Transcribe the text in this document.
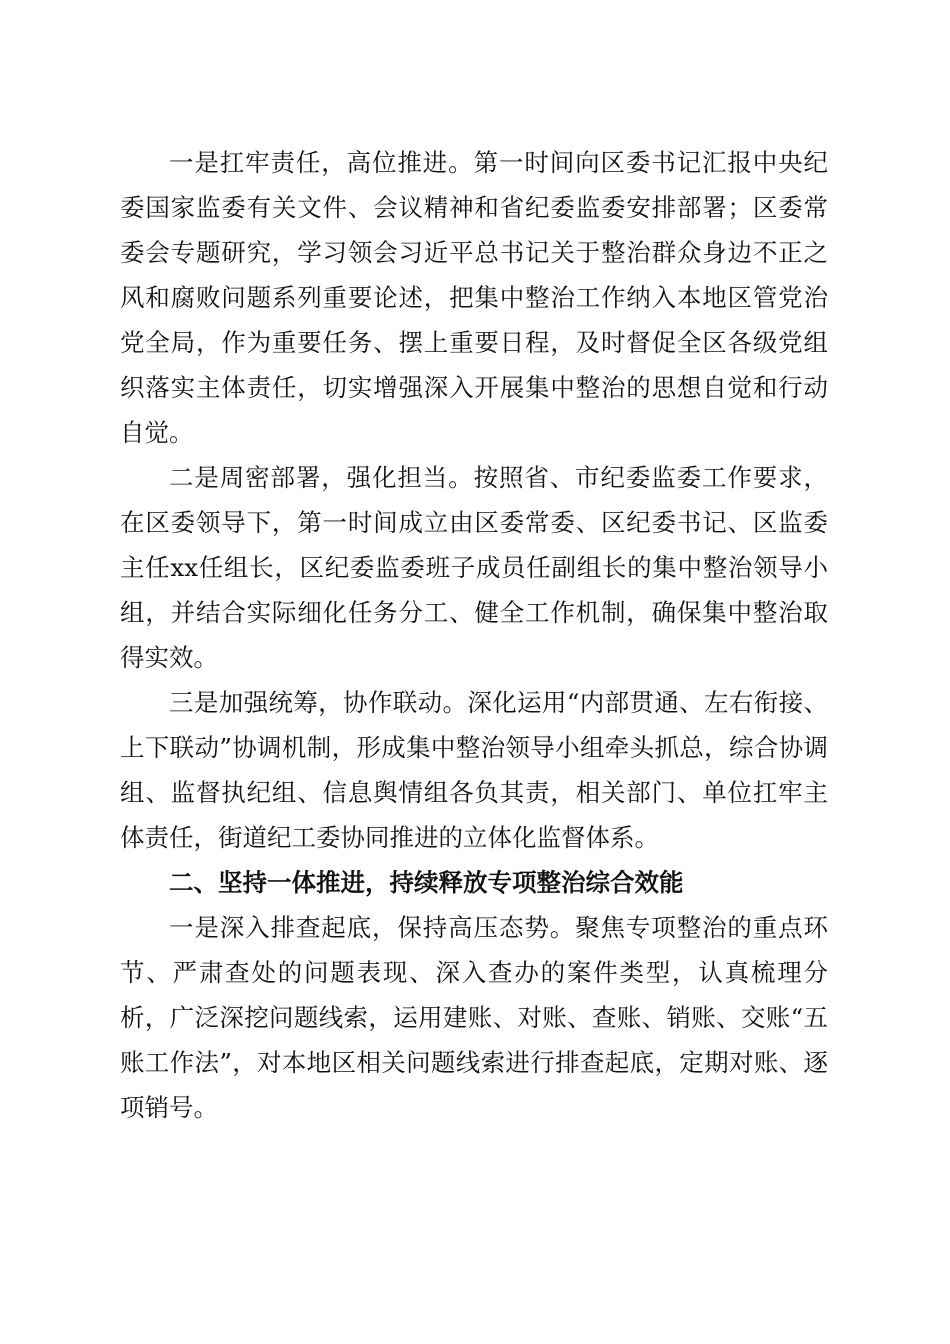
一是扛牢责任，高位推进。第一时间向区委书记汇报中央纪委国家监委有关文件、会议精神和省纪委监委安排部署；区委常委会专题研究，学习领会习近平总书记关于整治群众身边不正之风和腐败问题系列重要论述，把集中整治工作纳入本地区管党治党全局，作为重要任务、摆上重要日程，及时督促全区各级党组织落实主体责任，切实增强深入开展集中整治的思想自觉和行动自觉。

二是周密部署，强化担当。按照省、市纪委监委工作要求，在区委领导下，第一时间成立由区委常委、区纪委书记、区监委主任xx任组长，区纪委监委班子成员任副组长的集中整治领导小组，并结合实际细化任务分工、健全工作机制，确保集中整治取得实效。

三是加强统筹，协作联动。深化运用“内部贯通、左右衔接、上下联动”协调机制，形成集中整治领导小组牵头抓总，综合协调组、监督执纪组、信息舆情组各负其责，相关部门、单位扛牢主体责任，街道纪工委协同推进的立体化监督体系。

二、坚持一体推进，持续释放专项整治综合效能

一是深入排查起底，保持高压态势。聚焦专项整治的重点环节、严肃查处的问题表现、深入查办的案件类型，认真梳理分析，广泛深挖问题线索，运用建账、对账、查账、销账、交账“五账工作法”，对本地区相关问题线索进行排查起底，定期对账、逐项销号。
